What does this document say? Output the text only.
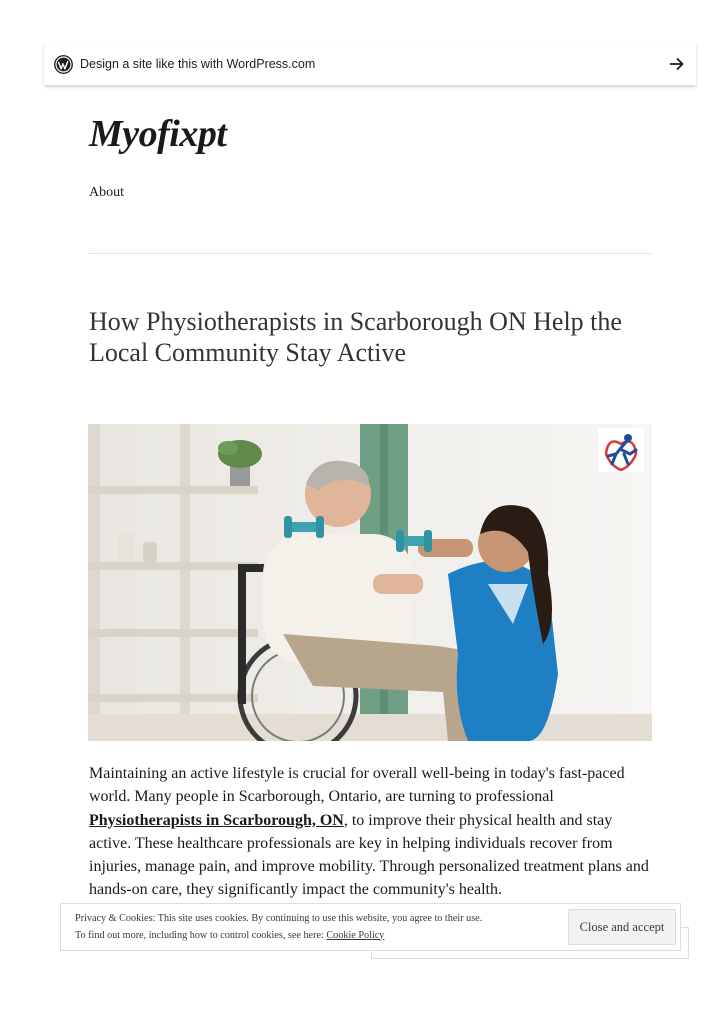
Design a site like this with WordPress.com
Myofixpt
About
How Physiotherapists in Scarborough ON Help the Local Community Stay Active

Maintaining an active lifestyle is crucial for overall well-being in today's fast-paced world. Many people in Scarborough, Ontario, are turning to professional Physiotherapists in Scarborough, ON, to improve their physical health and stay active. These healthcare professionals are key in helping individuals recover from injuries, manage pain, and improve mobility. Through personalized treatment plans and hands-on care, they significantly impact the community's health.

Privacy & Cookies: This site uses cookies. By continuing to use this website, you agree to their use.
To find out more, including how to control cookies, see here: Cookie Policy
Close and accept
